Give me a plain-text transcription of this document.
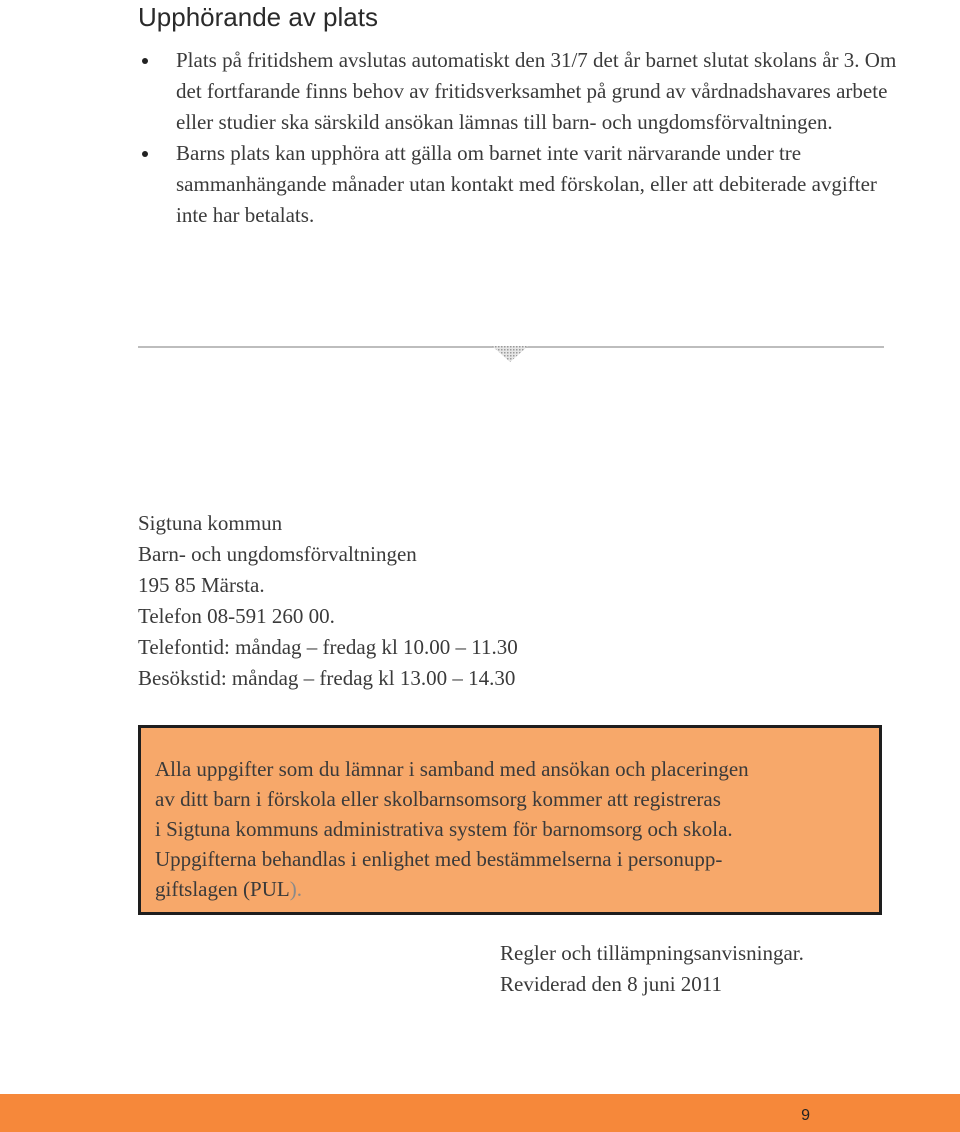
Upphörande av plats
Plats på fritidshem avslutas automatiskt den 31/7 det år barnet slutat skolans år 3. Om det fortfarande finns behov av fritidsverksamhet på grund av vårdnadshavares arbete eller studier ska särskild ansökan lämnas till barn- och ungdomsförvaltningen.
Barns plats kan upphöra att gälla om barnet inte varit närvarande under tre sammanhängande månader utan kontakt med förskolan, eller att debiterade avgifter inte har betalats.
Sigtuna kommun
Barn- och ungdomsförvaltningen
195 85 Märsta.
Telefon 08-591 260 00.
Telefontid: måndag – fredag kl 10.00 – 11.30
Besökstid: måndag – fredag kl 13.00 – 14.30
Alla uppgifter som du lämnar i samband med ansökan och placeringen
av ditt barn i förskola eller skolbarnsomsorg kommer att registreras
i Sigtuna kommuns administrativa system för barnomsorg och skola.
Uppgifterna behandlas i enlighet med bestämmelserna i personupp-
giftslagen (PUL).
Regler och tillämpningsanvisningar.
Reviderad den 8 juni 2011
9
